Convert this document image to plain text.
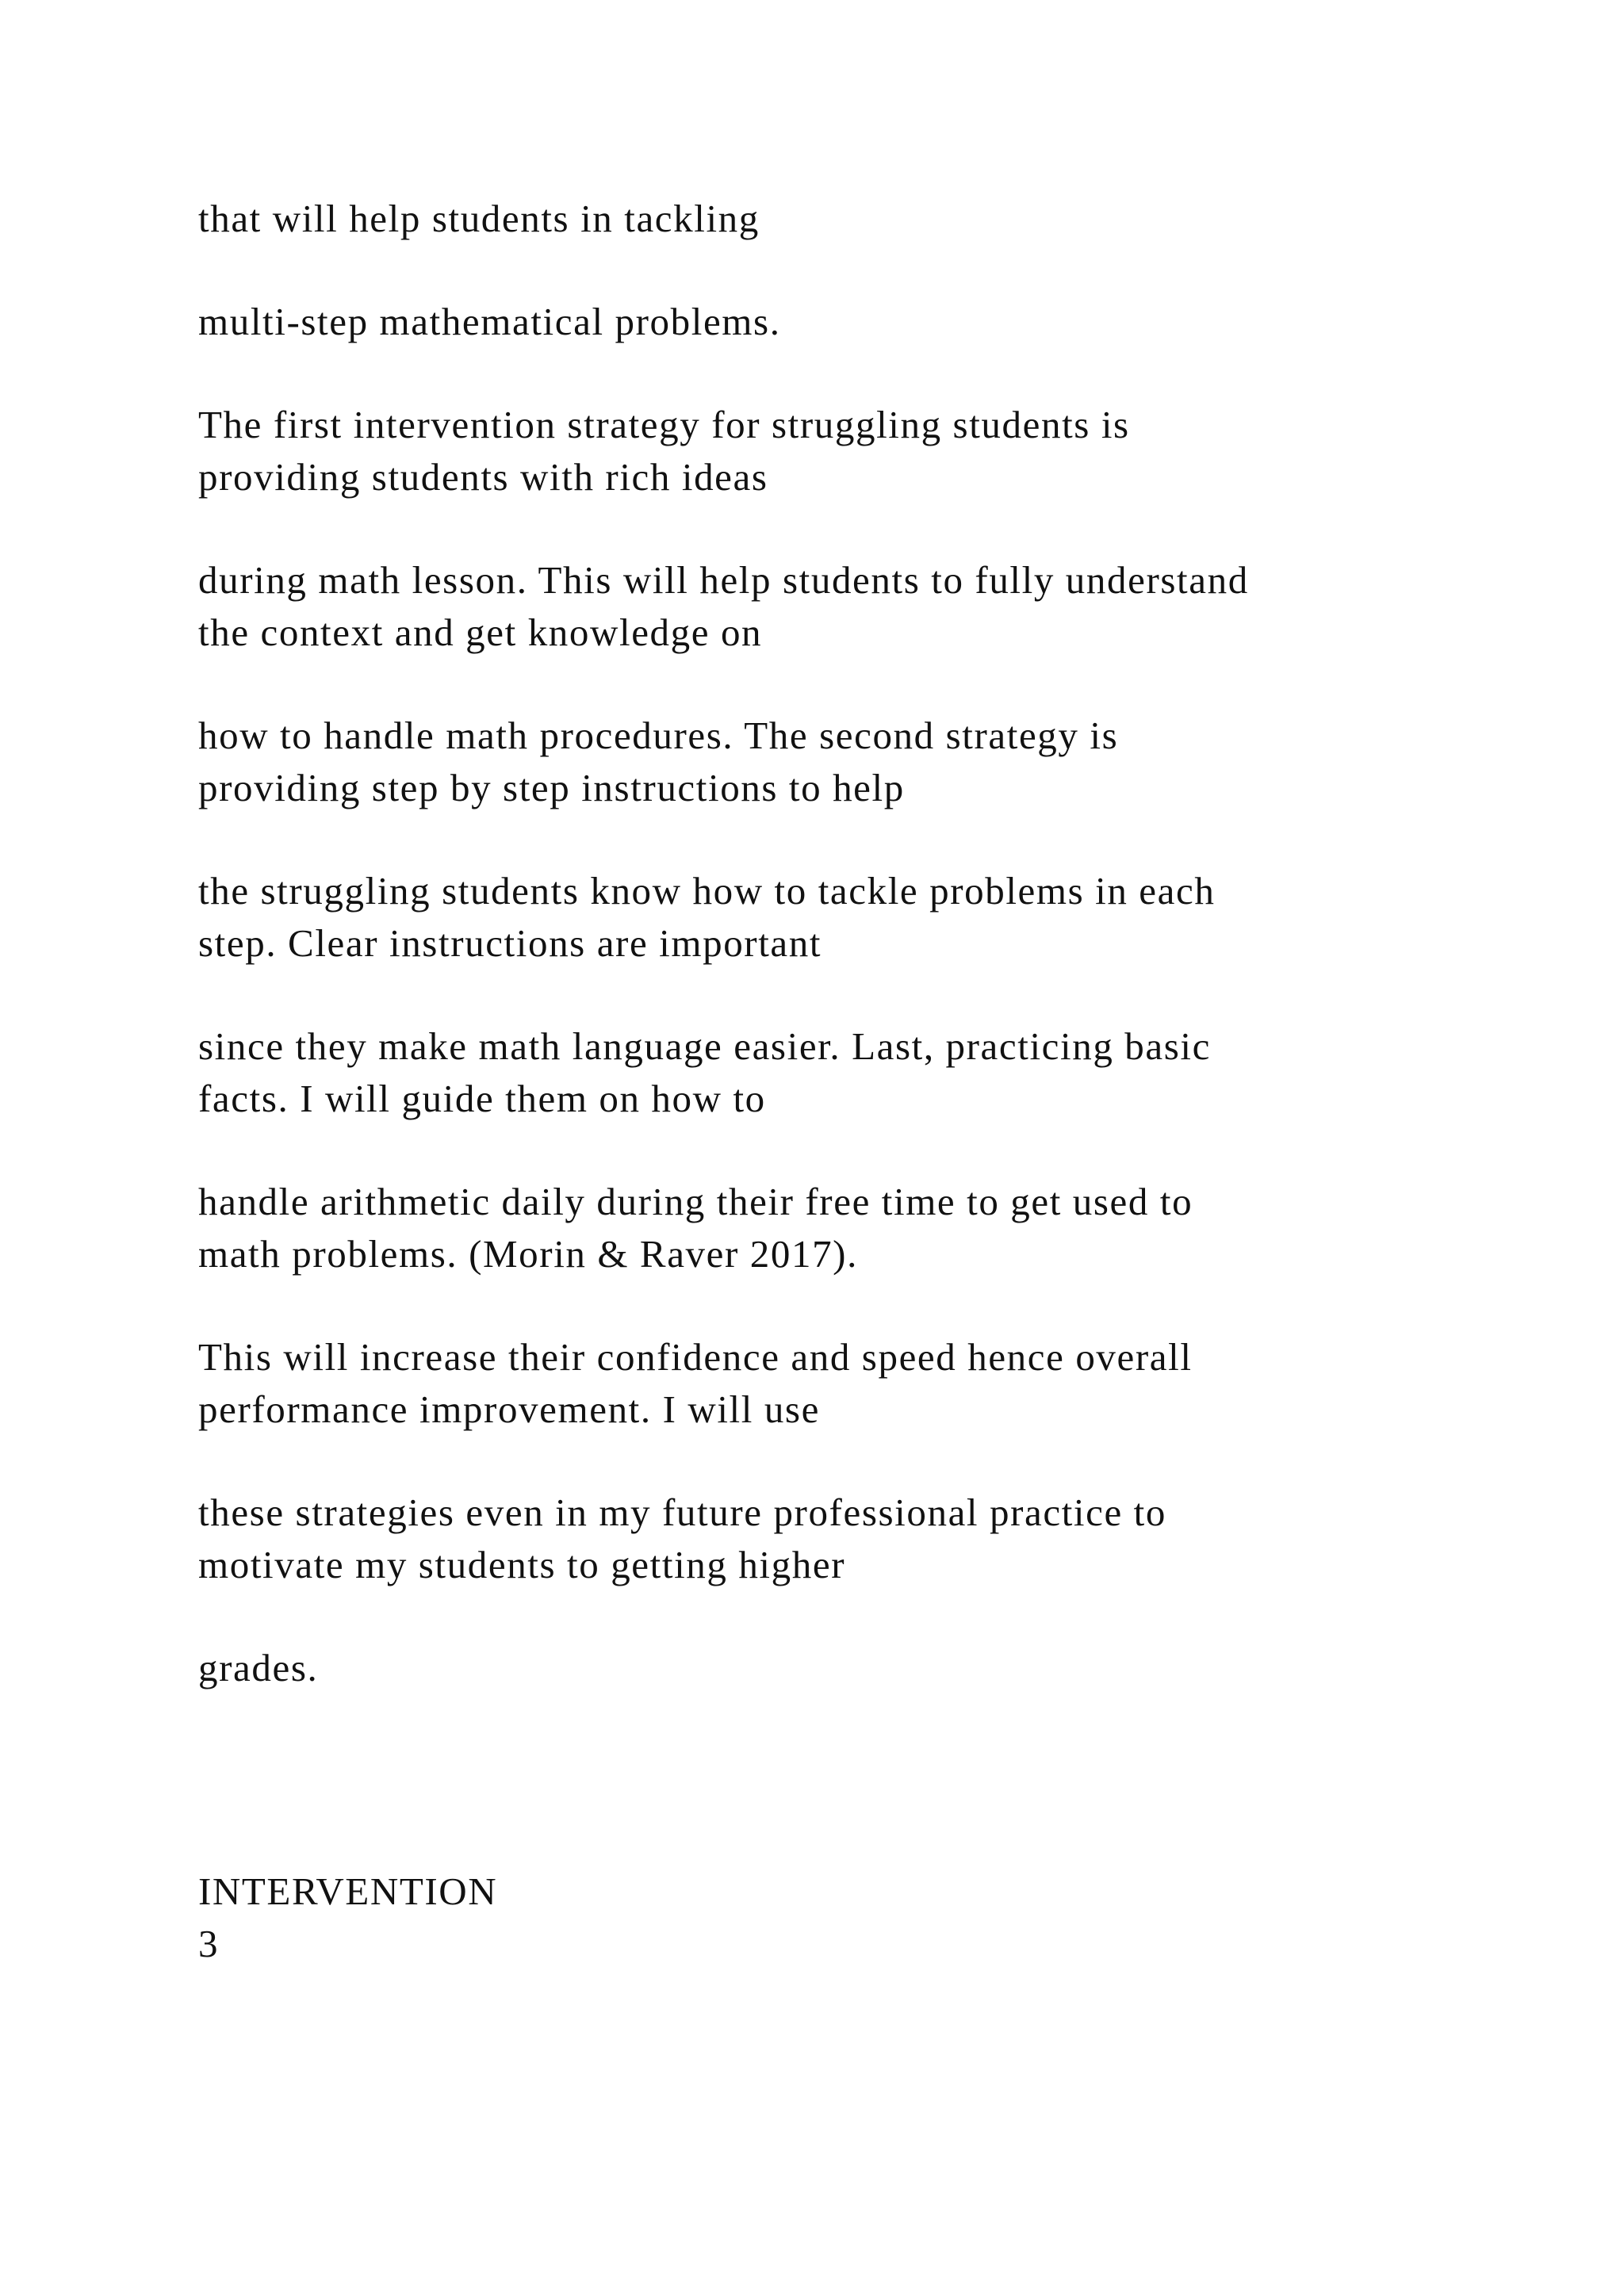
that will help students in tackling

multi-step mathematical problems.

The first intervention strategy for struggling students is
providing students with rich ideas

during math lesson. This will help students to fully understand
the context and get knowledge on

how to handle math procedures. The second strategy is
providing step by step instructions to help

the struggling students know how to tackle problems in each
step. Clear instructions are important

since they make math language easier. Last, practicing basic
facts. I will guide them on how to

handle arithmetic daily during their free time to get used to
math problems. (Morin & Raver 2017).

This will increase their confidence and speed hence overall
performance improvement. I will use

these strategies even in my future professional practice to
motivate my students to getting higher

grades.

INTERVENTION
3
